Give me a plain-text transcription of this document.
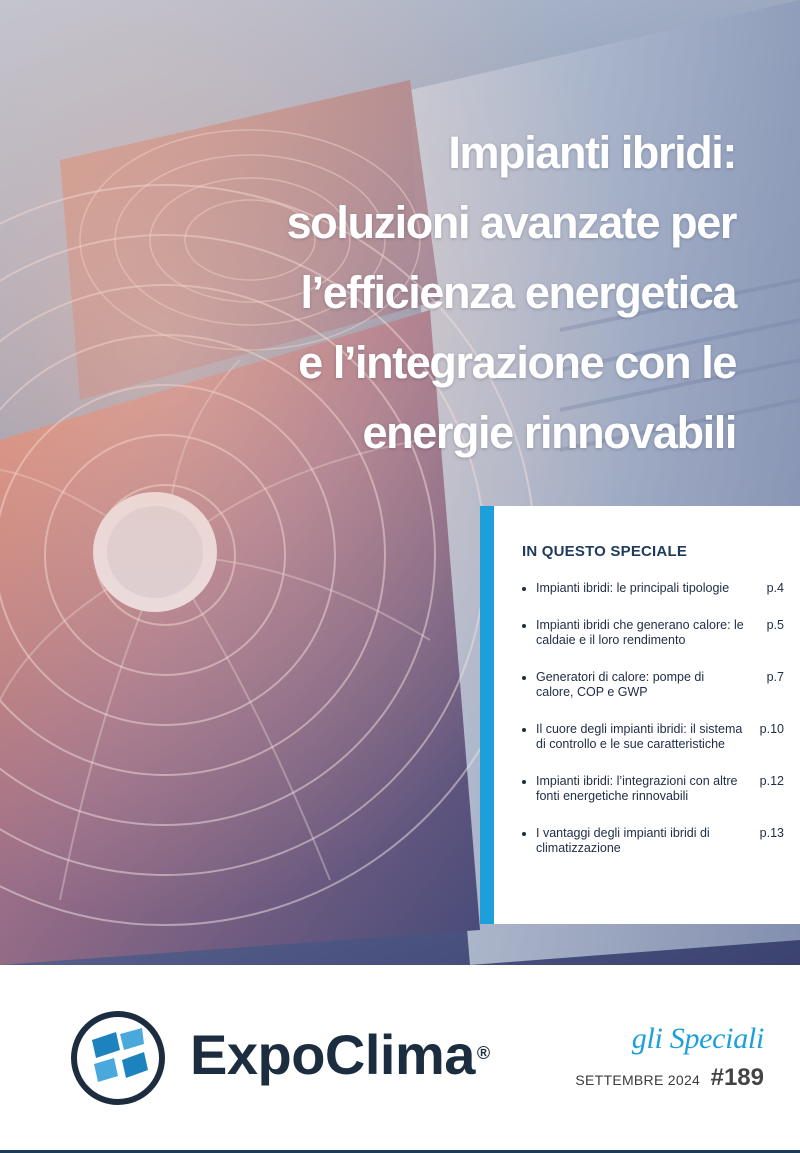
Impianti ibridi:
soluzioni avanzate per
l’efficienza energetica
e l’integrazione con le
energie rinnovabili
IN QUESTO SPECIALE
Impianti ibridi: le principali tipologie	p.4
Impianti ibridi che generano calore: le caldaie e il loro rendimento
p.5
Generatori di calore: pompe di calore, COP e GWP
p.7
Il cuore degli impianti ibridi: il sistema di controllo e le sue caratteristiche
p.10
Impianti ibridi: l’integrazioni con altre fonti energetiche rinnovabili
p.12
I vantaggi degli impianti ibridi di climatizzazione
p.13
ExpoClima ®	gli Speciali
SETTEMBRE 2024 #189
